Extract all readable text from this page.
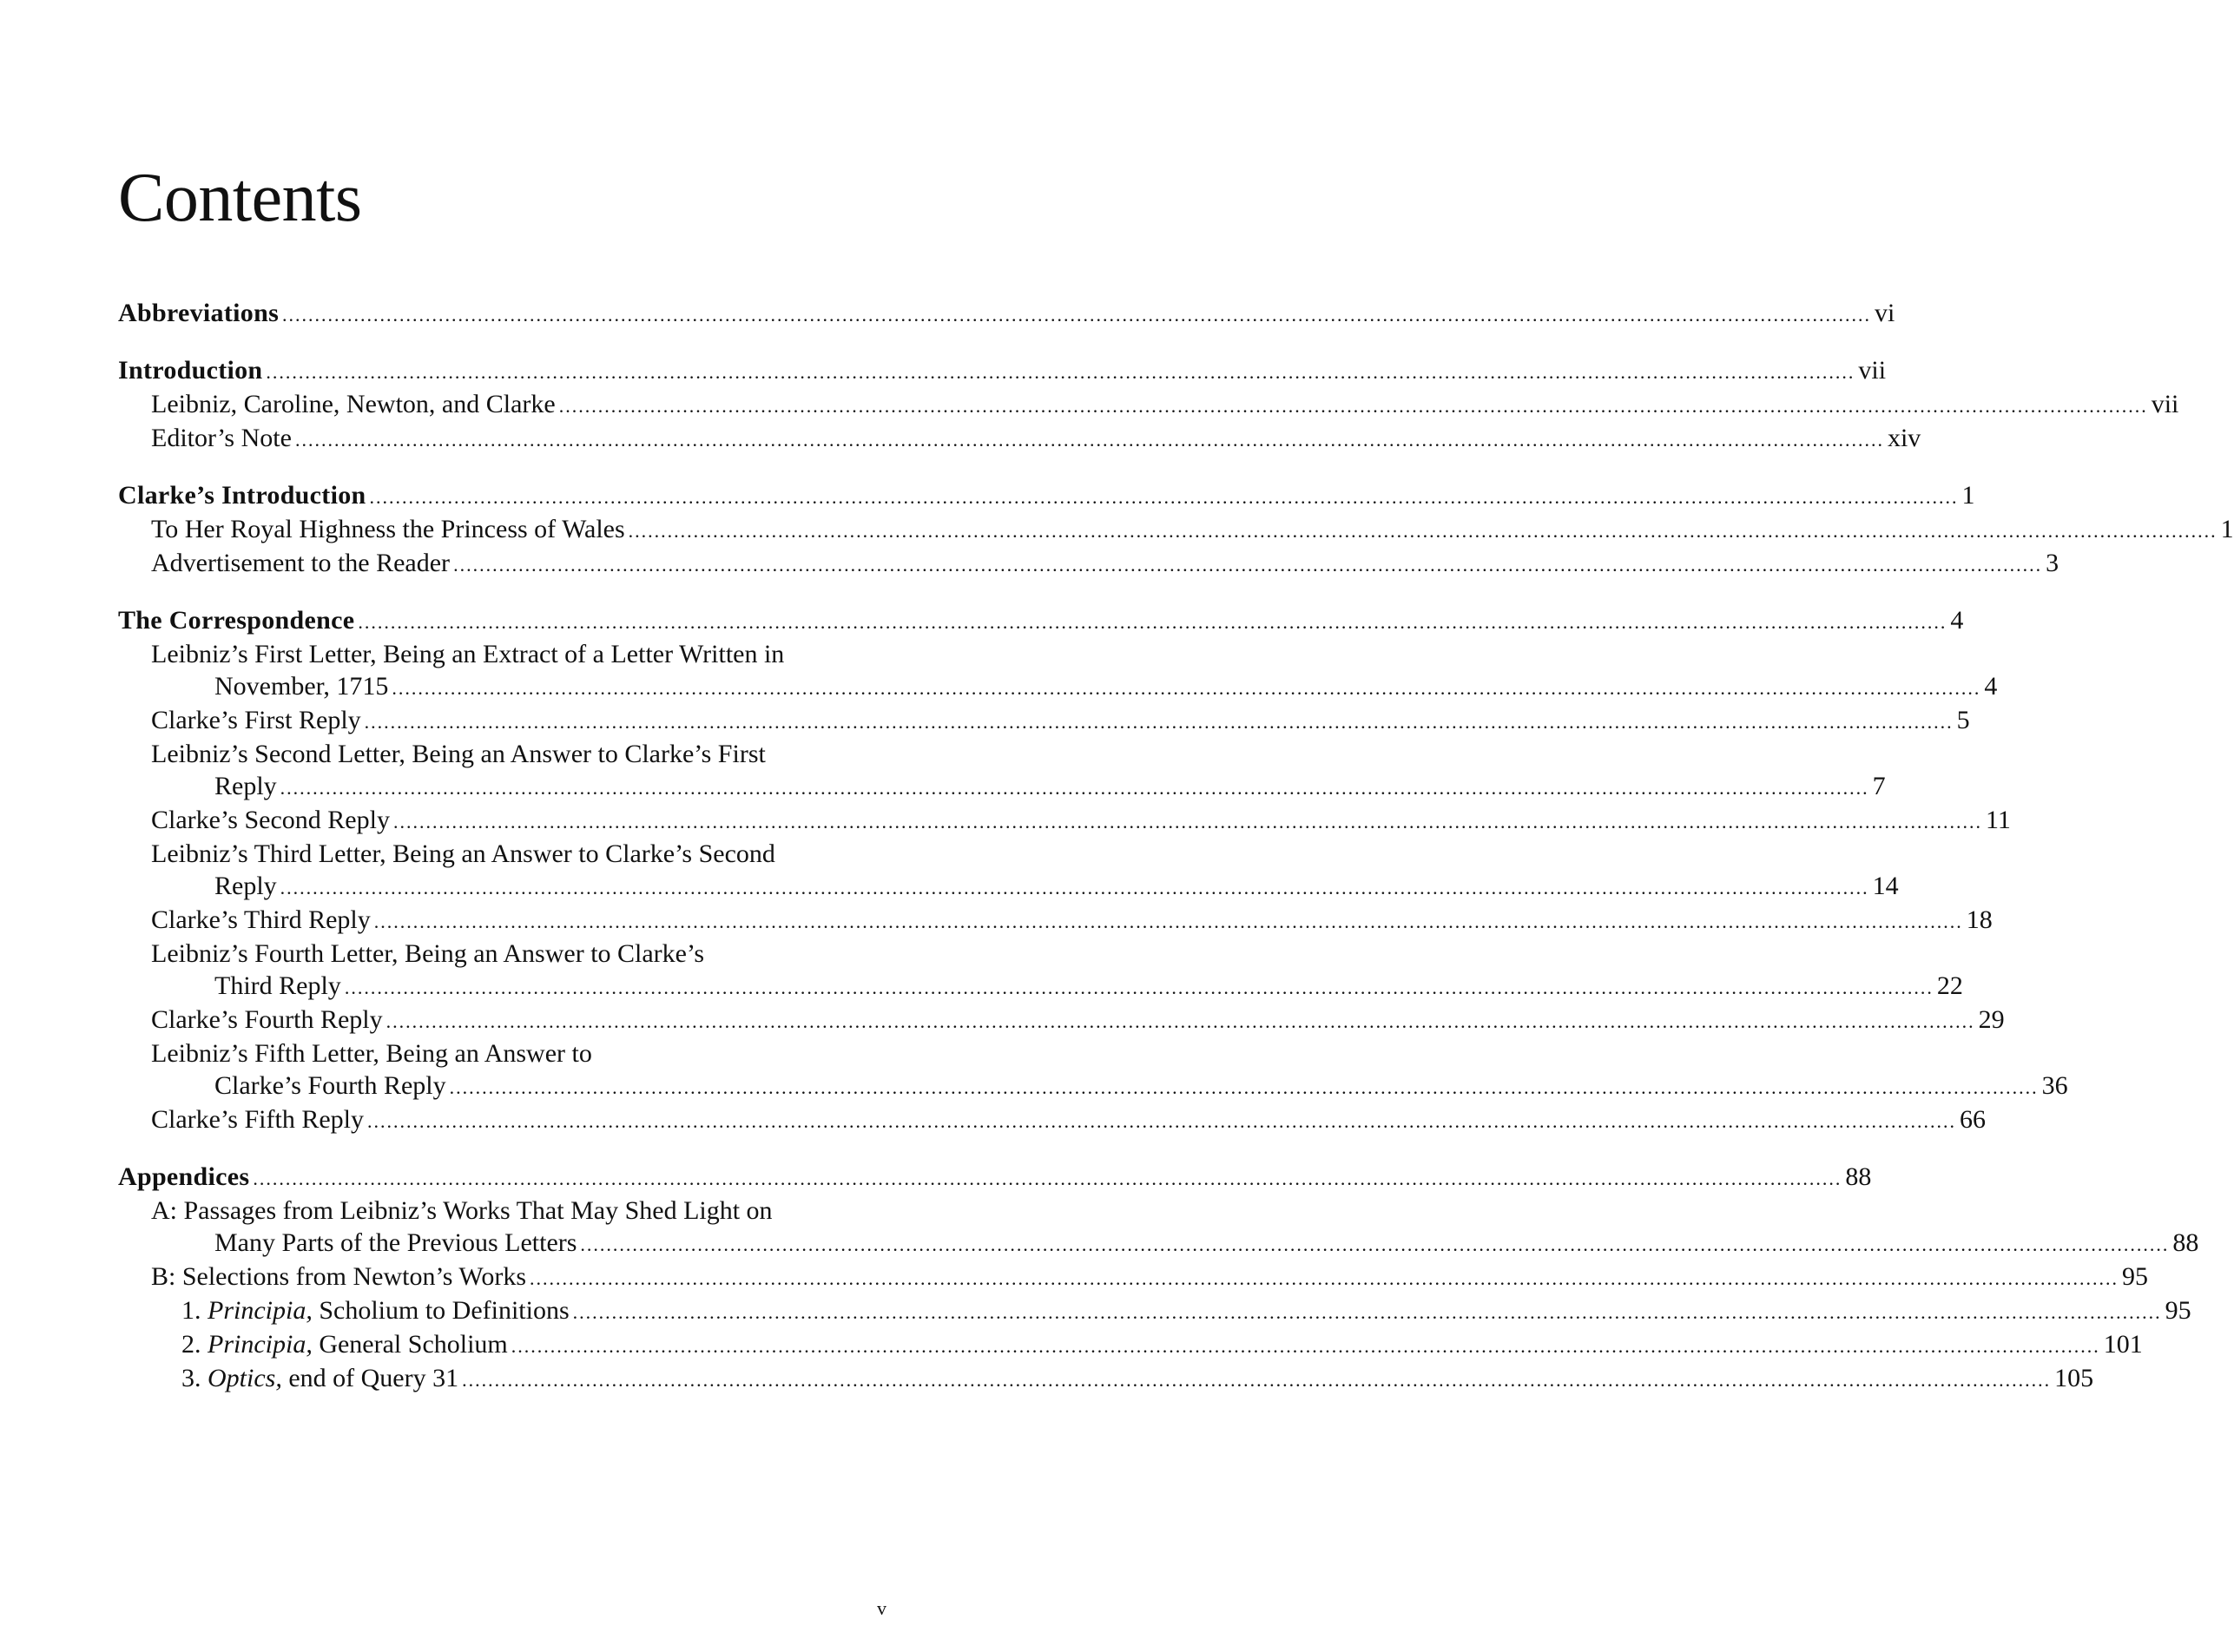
Contents
Abbreviations .................................................................................................................................................................................................................................................... vi
Introduction .................................................................................................................................................................................................................................................... vii
Leibniz, Caroline, Newton, and Clarke .................................................................................................................................................................................................................................................... vii
Editor’s Note .................................................................................................................................................................................................................................................... xiv
Clarke’s Introduction .................................................................................................................................................................................................................................................... 1
To Her Royal Highness the Princess of Wales .................................................................................................................................................................................................................................................... 1
Advertisement to the Reader .................................................................................................................................................................................................................................................... 3
The Correspondence .................................................................................................................................................................................................................................................... 4
Leibniz’s First Letter, Being an Extract of a Letter Written in
November, 1715 .................................................................................................................................................................................................................................................... 4
Clarke’s First Reply .................................................................................................................................................................................................................................................... 5
Leibniz’s Second Letter, Being an Answer to Clarke’s First
Reply .................................................................................................................................................................................................................................................... 7
Clarke’s Second Reply .................................................................................................................................................................................................................................................... 11
Leibniz’s Third Letter, Being an Answer to Clarke’s Second
Reply .................................................................................................................................................................................................................................................... 14
Clarke’s Third Reply .................................................................................................................................................................................................................................................... 18
Leibniz’s Fourth Letter, Being an Answer to Clarke’s
Third Reply .................................................................................................................................................................................................................................................... 22
Clarke’s Fourth Reply .................................................................................................................................................................................................................................................... 29
Leibniz’s Fifth Letter, Being an Answer to
Clarke’s Fourth Reply .................................................................................................................................................................................................................................................... 36
Clarke’s Fifth Reply .................................................................................................................................................................................................................................................... 66
Appendices .................................................................................................................................................................................................................................................... 88
A: Passages from Leibniz’s Works That May Shed Light on
Many Parts of the Previous Letters .................................................................................................................................................................................................................................................... 88
B: Selections from Newton’s Works .................................................................................................................................................................................................................................................... 95
1. Principia, Scholium to Definitions .................................................................................................................................................................................................................................................... 95
2. Principia, General Scholium .................................................................................................................................................................................................................................................... 101
3. Optics, end of Query 31 .................................................................................................................................................................................................................................................... 105
v
